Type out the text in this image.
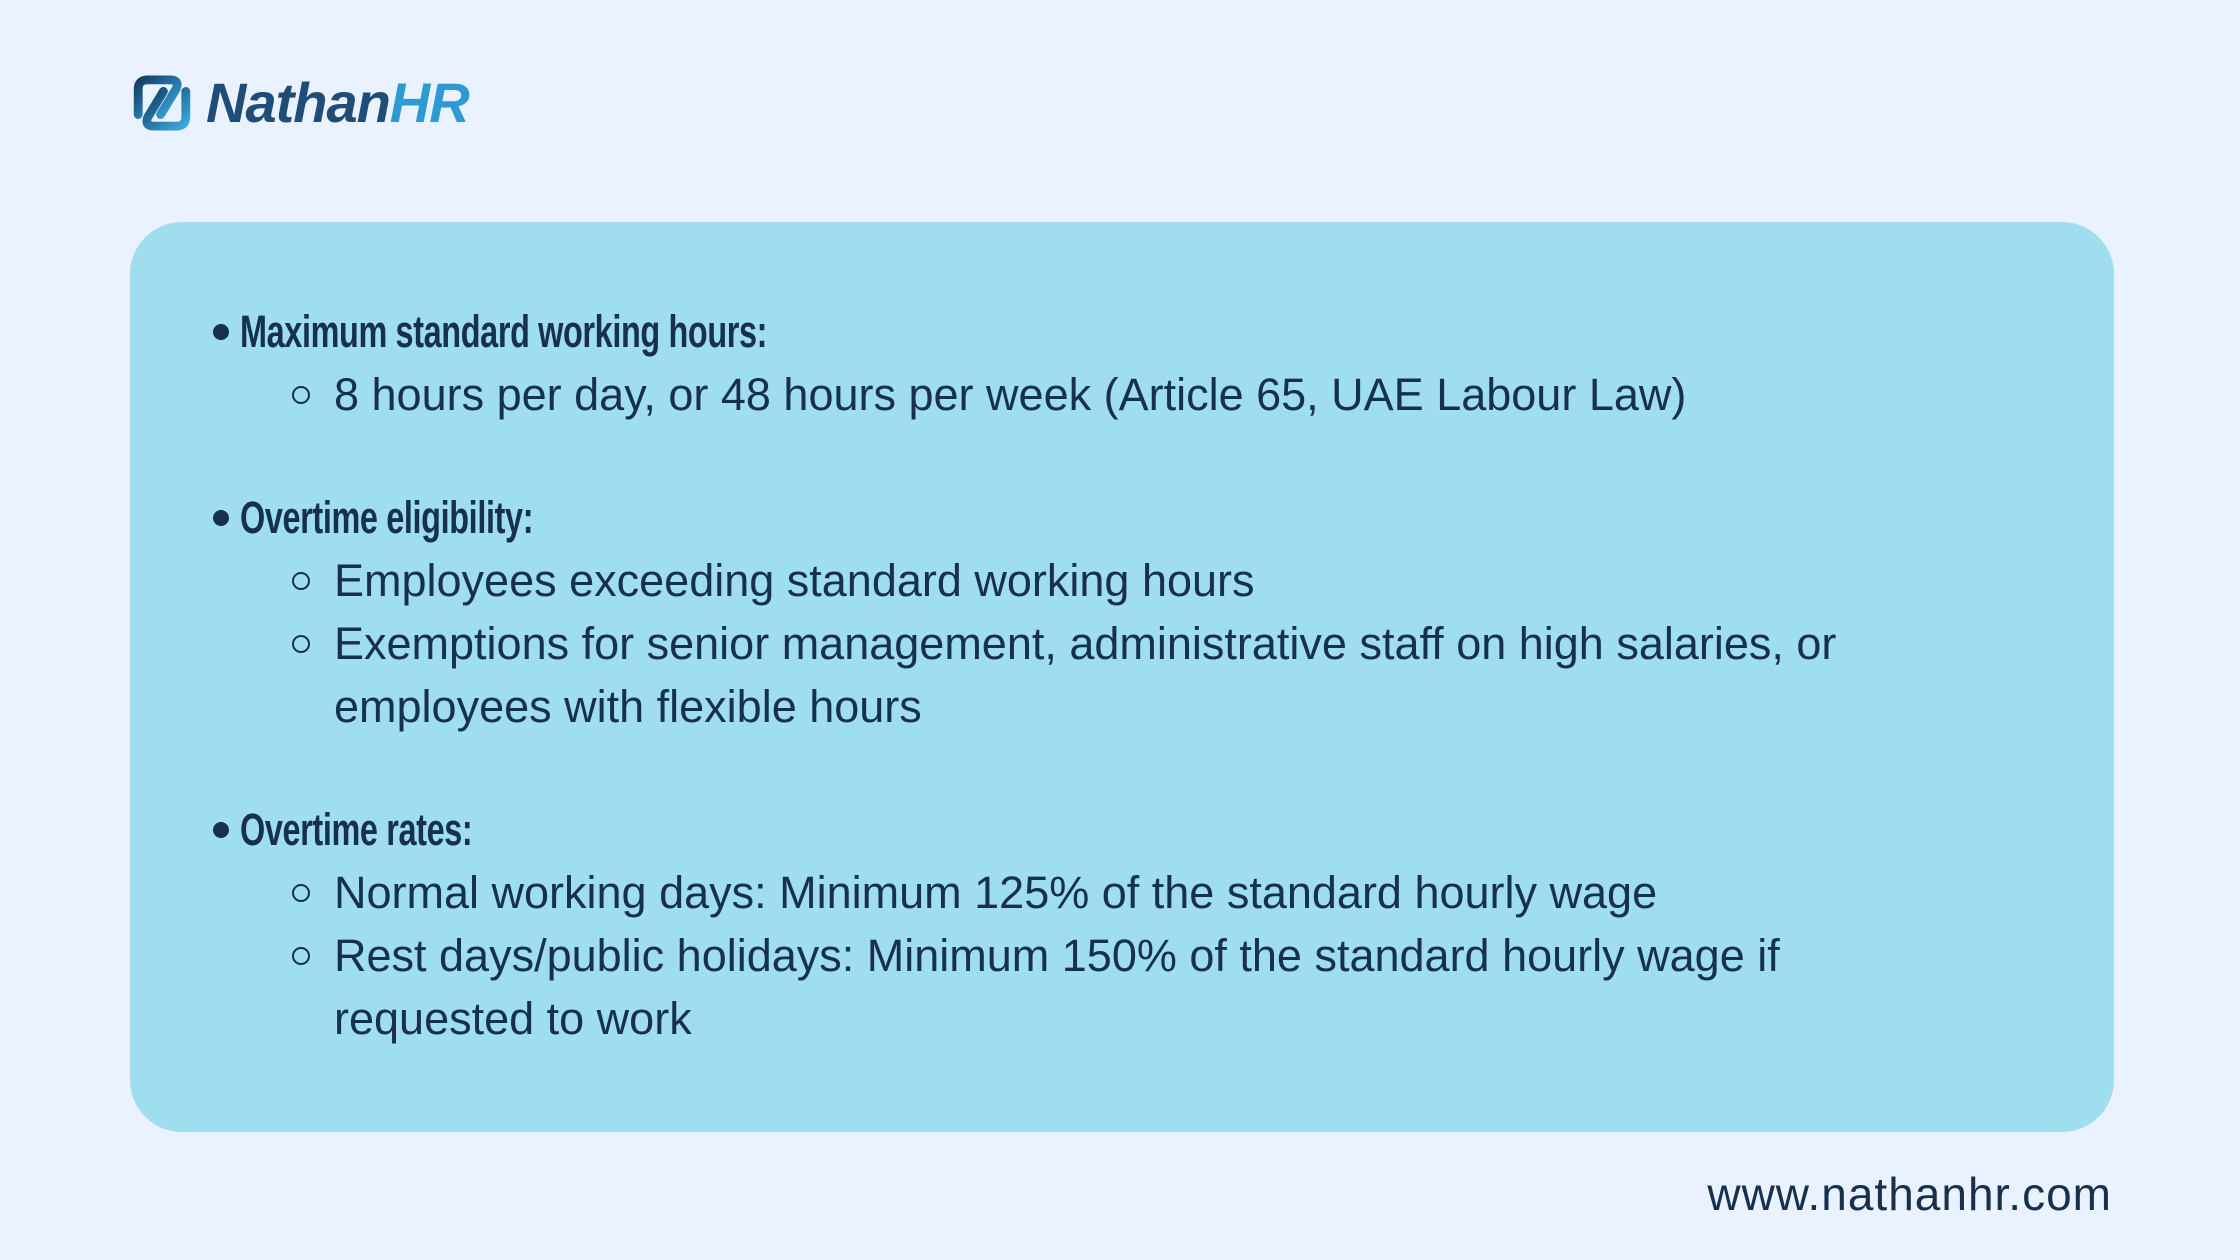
NathanHR
Maximum standard working hours:
8 hours per day, or 48 hours per week (Article 65, UAE Labour Law)
Overtime eligibility:
Employees exceeding standard working hours
Exemptions for senior management, administrative staff on high salaries, or
employees with flexible hours
Overtime rates:
Normal working days: Minimum 125% of the standard hourly wage
Rest days/public holidays: Minimum 150% of the standard hourly wage if
requested to work
www.nathanhr.com
